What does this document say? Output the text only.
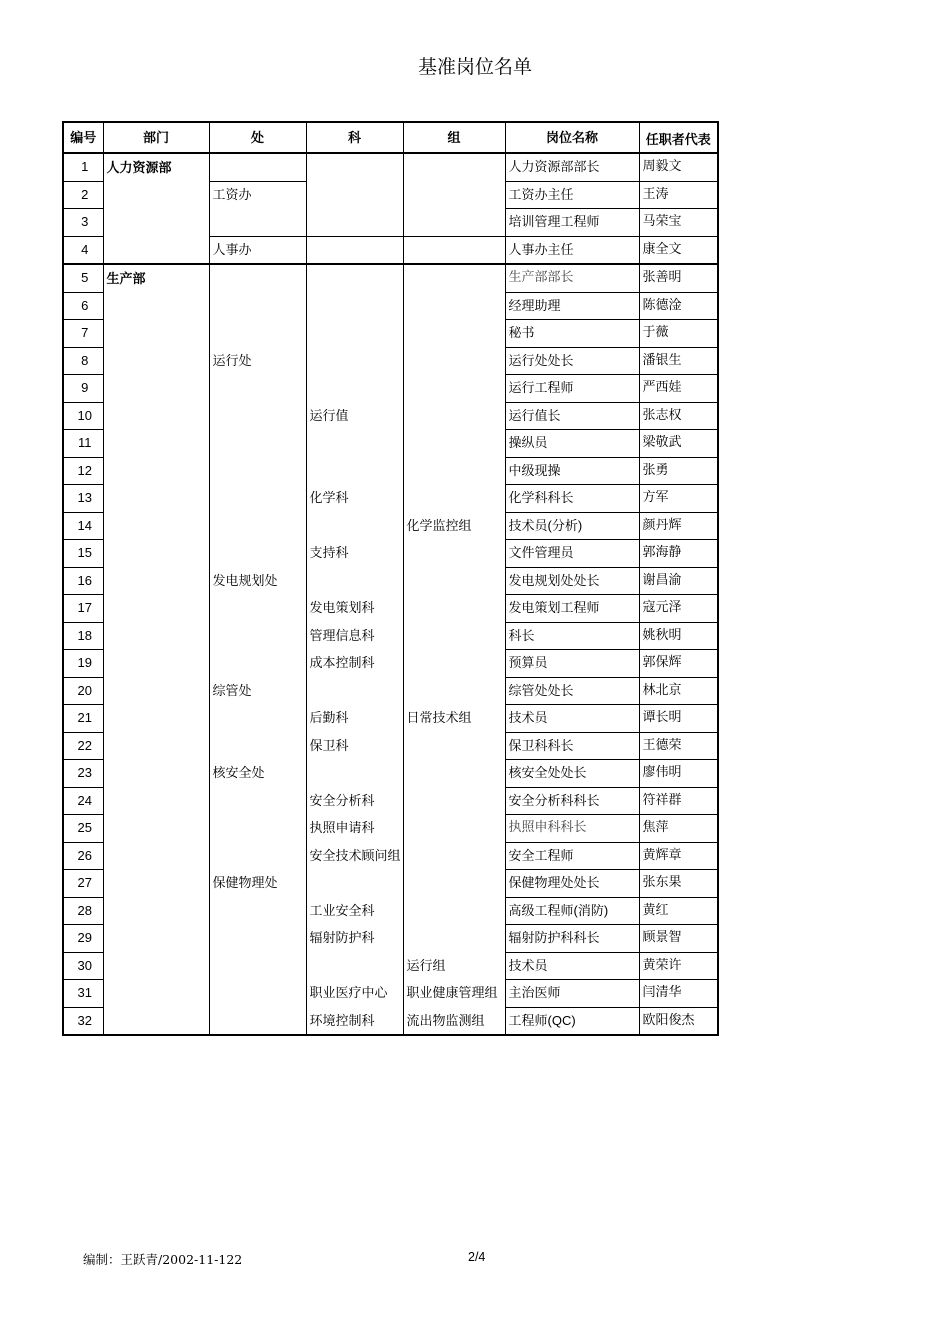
基准岗位名单
编号	部门	处	科	组	岗位名称	任职者代表
1	人力资源部				人力资源部部长	周毅文
2		工资办			工资办主任	王涛
3					培训管理工程师	马荣宝
4		人事办			人事办主任	康全文
5	生产部				生产部部长	张善明
6					经理助理	陈德淦
7					秘书	于薇
8		运行处			运行处处长	潘银生
9					运行工程师	严西娃
10			运行值		运行值长	张志权
11					操纵员	梁敬武
12					中级现操	张勇
13			化学科		化学科科长	方军
14				化学监控组	技术员(分析)	颜丹辉
15			支持科		文件管理员	郭海静
16		发电规划处			发电规划处处长	谢昌渝
17			发电策划科		发电策划工程师	寇元泽
18			管理信息科		科长	姚秋明
19			成本控制科		预算员	郭保辉
20		综管处			综管处处长	林北京
21			后勤科	日常技术组	技术员	谭长明
22			保卫科		保卫科科长	王德荣
23		核安全处			核安全处处长	廖伟明
24			安全分析科		安全分析科科长	符祥群
25			执照申请科		执照申科科长	焦萍
26			安全技术顾问组		安全工程师	黄辉章
27		保健物理处			保健物理处处长	张东果
28			工业安全科		高级工程师(消防)	黄红
29			辐射防护科		辐射防护科科长	顾景智
30				运行组	技术员	黄荣许
31			职业医疗中心	职业健康管理组	主治医师	闫清华
32			环境控制科	流出物监测组	工程师(QC)	欧阳俊杰
编制：王跃青/2002-11-122	2/4
